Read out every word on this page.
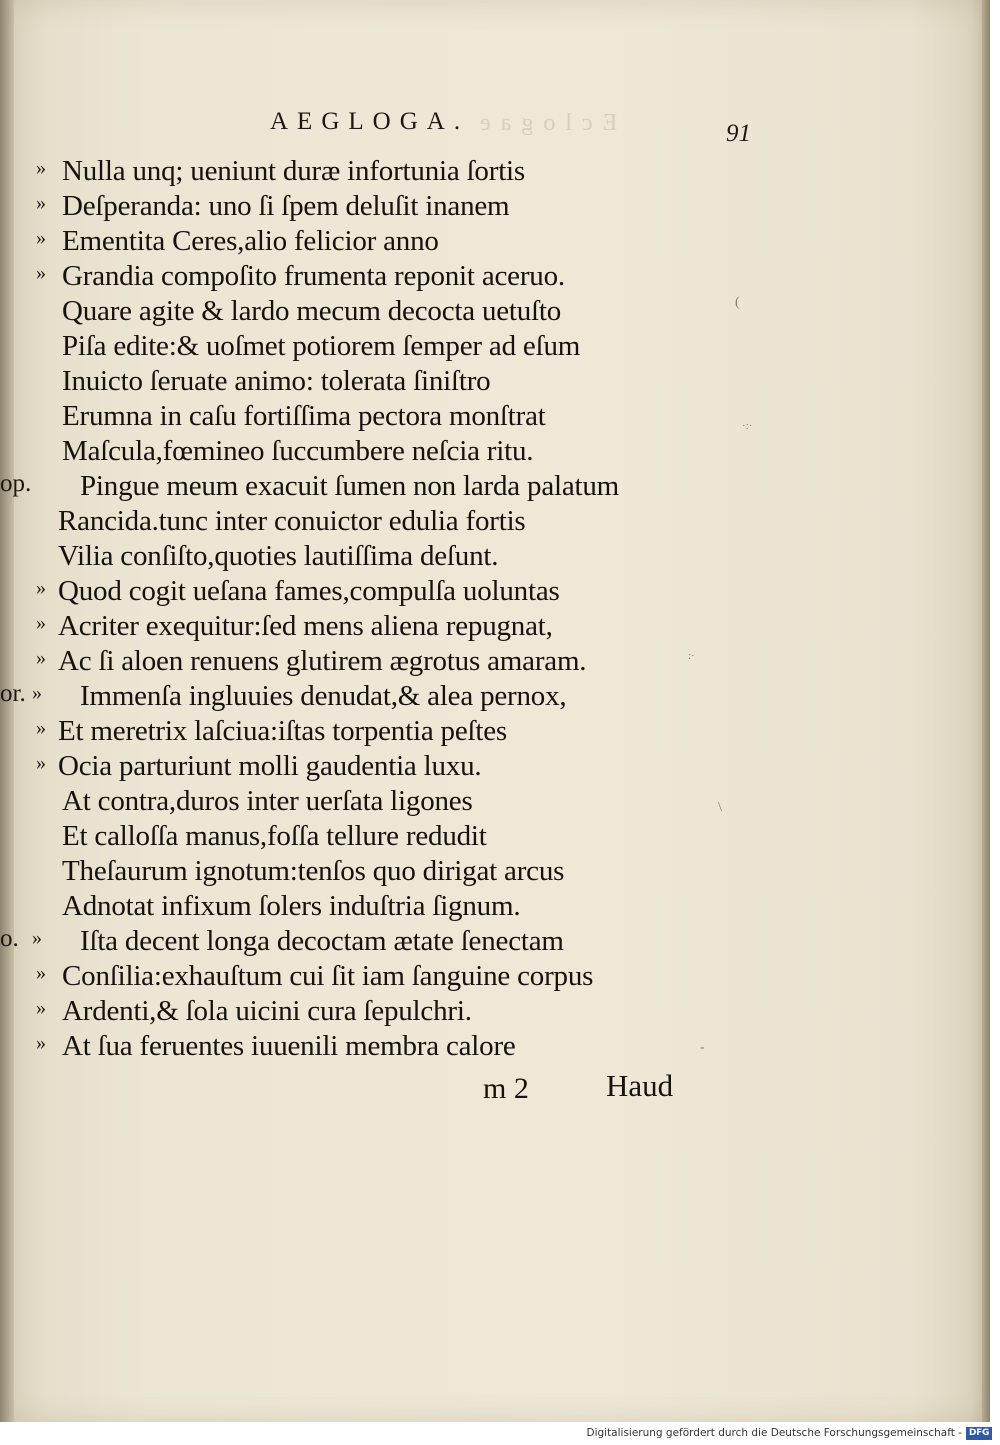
Eclogae
AEGLOGA.	91
» Nulla unq; ueniunt duræ infortunia ſortis
» Deſperanda: uno ſi ſpem deluſit inanem
» Ementita Ceres,alio felicior anno
» Grandia compoſito frumenta reponit aceruo.
Quare agite & lardo mecum decocta uetuſto
Piſa edite:& uoſmet potiorem ſemper ad eſum
Inuicto ſeruate animo: tolerata ſiniſtro
Erumna in caſu fortiſſima pectora monſtrat
Maſcula,fœmineo ſuccumbere neſcia ritu.
op. Pingue meum exacuit ſumen non larda palatum
Rancida.tunc inter conuictor edulia fortis
Vilia conſiſto,quoties lautiſſima deſunt.
» Quod cogit ueſana fames,compulſa uoluntas
» Acriter exequitur:ſed mens aliena repugnat,
» Ac ſi aloen renuens glutirem ægrotus amaram.
or. » Immenſa ingluuies denudat,& alea pernox,
» Et meretrix laſciua:iſtas torpentia peſtes
» Ocia parturiunt molli gaudentia luxu.
At contra,duros inter uerſata ligones
Et calloſſa manus,foſſa tellure redudit
Theſaurum ignotum:tenſos quo dirigat arcus
Adnotat infixum ſolers induſtria ſignum.
o. » Iſta decent longa decoctam ætate ſenectam
» Conſilia:exhauſtum cui ſit iam ſanguine corpus
» Ardenti,& ſola uicini cura ſepulchri.
» At ſua feruentes iuuenili membra calore
(
·:·
:·
\
-
m 2 Haud
Digitalisierung gefördert durch die Deutsche Forschungsgemeinschaft - DFG
